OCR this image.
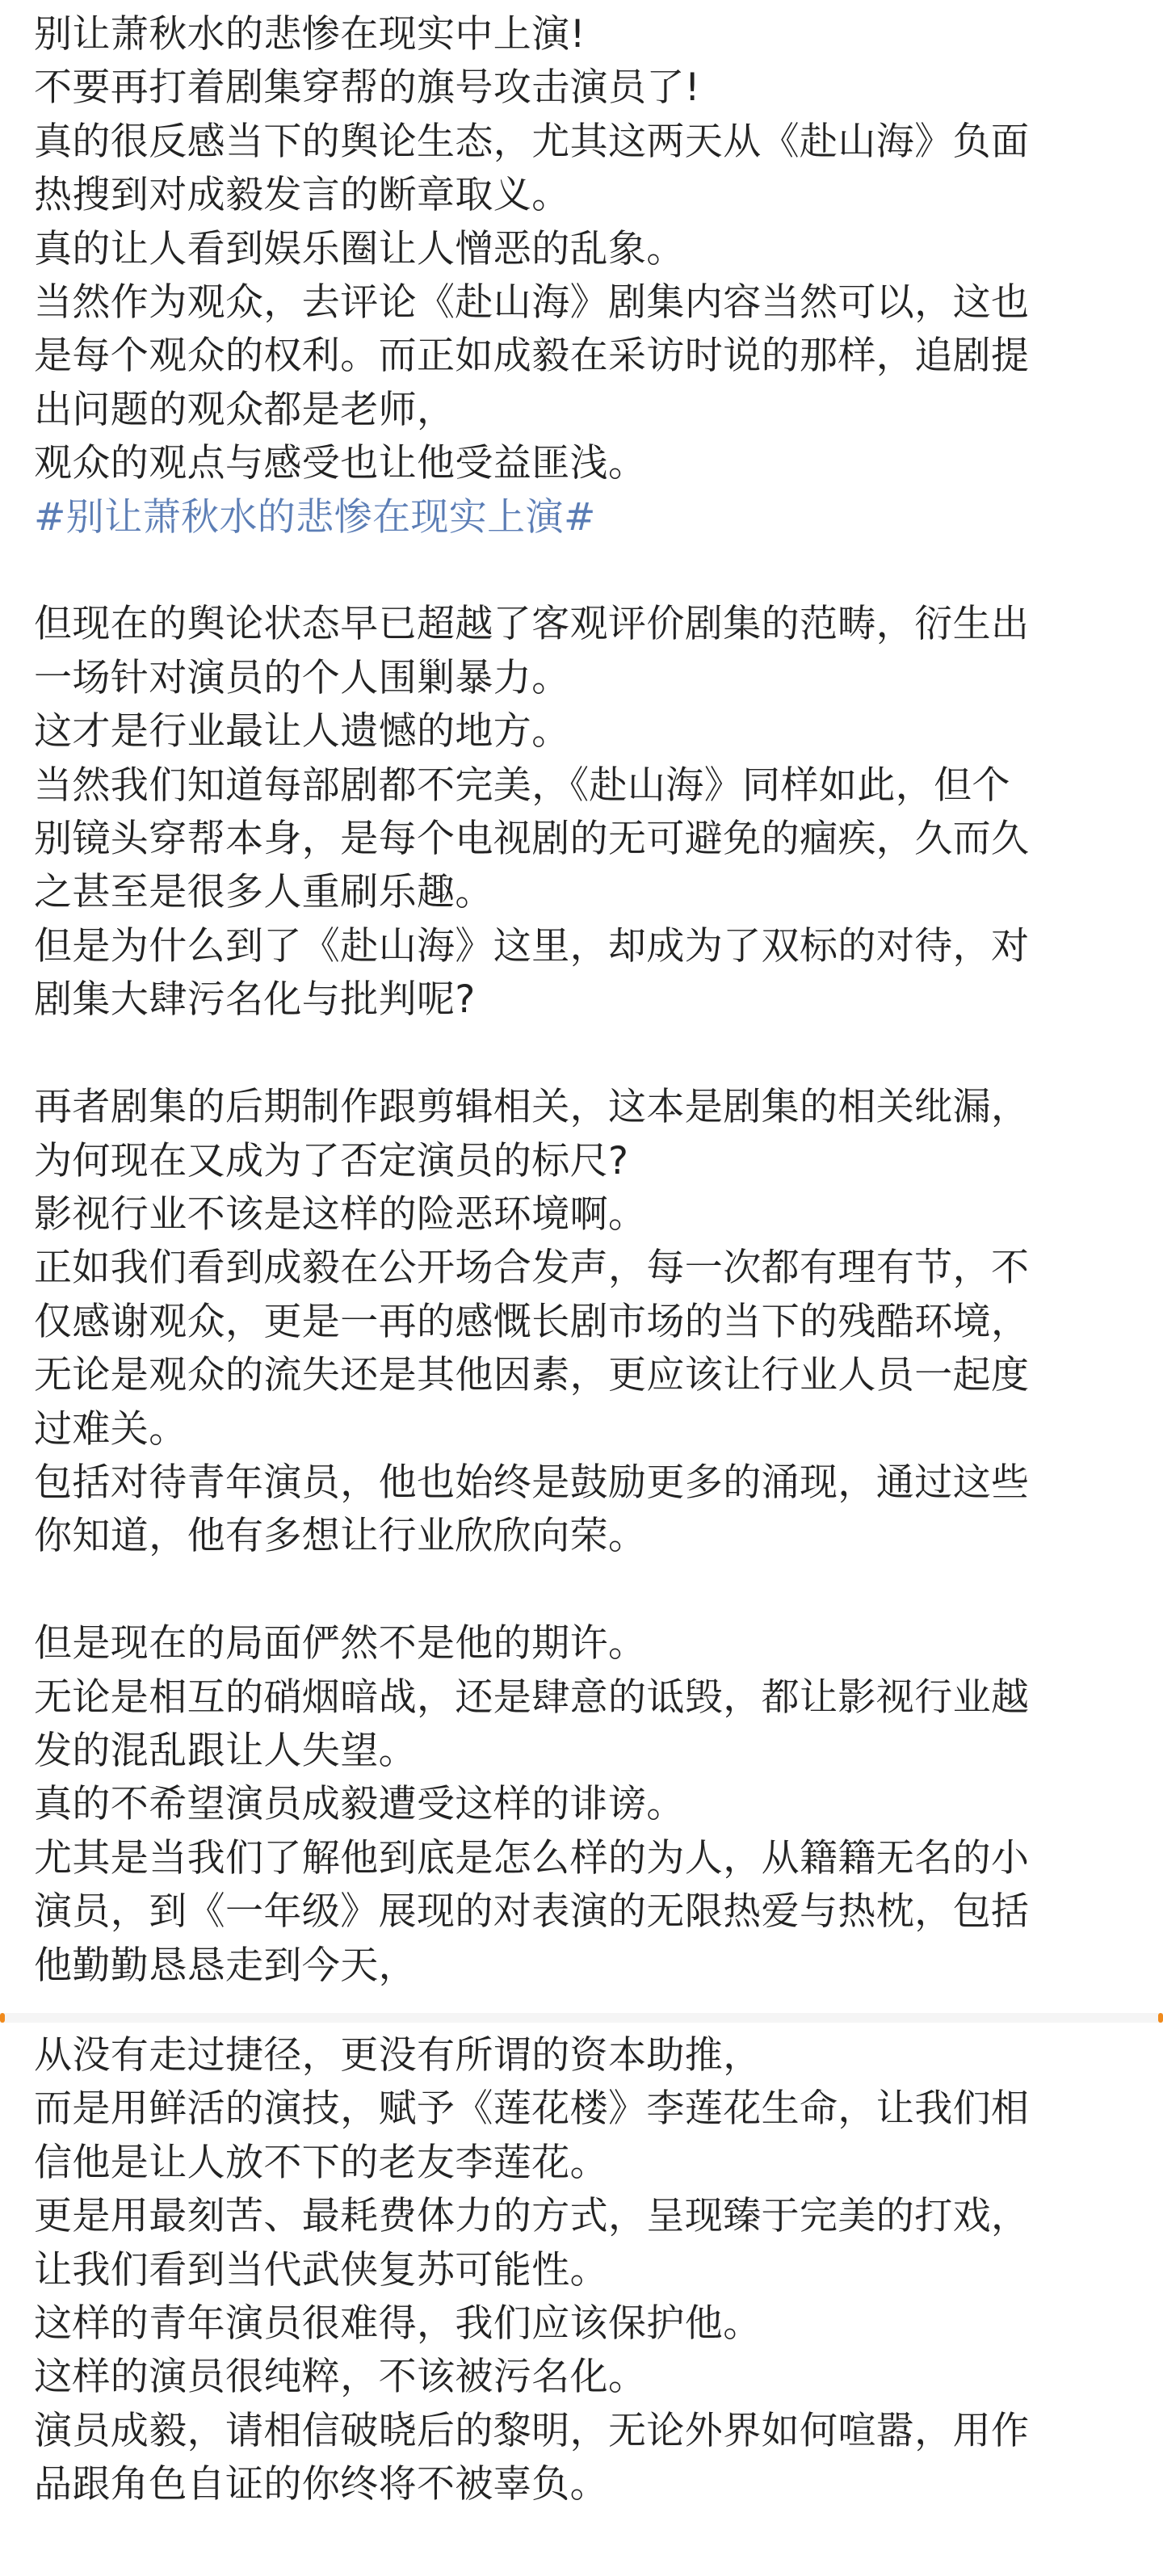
别让萧秋水的悲惨在现实中上演!
不要再打着剧集穿帮的旗号攻击演员了!
真的很反感当下的舆论生态，尤其这两天从《赴山海》负面
热搜到对成毅发言的断章取义。
真的让人看到娱乐圈让人憎恶的乱象。
当然作为观众，去评论《赴山海》剧集内容当然可以，这也
是每个观众的权利。而正如成毅在采访时说的那样，追剧提
出问题的观众都是老师，
观众的观点与感受也让他受益匪浅。
#别让萧秋水的悲惨在现实上演#
但现在的舆论状态早已超越了客观评价剧集的范畴，衍生出
一场针对演员的个人围剿暴力。
这才是行业最让人遗憾的地方。
当然我们知道每部剧都不完美，《赴山海》同样如此，但个
别镜头穿帮本身，是每个电视剧的无可避免的痼疾，久而久
之甚至是很多人重刷乐趣。
但是为什么到了《赴山海》这里，却成为了双标的对待，对
剧集大肆污名化与批判呢?
再者剧集的后期制作跟剪辑相关，这本是剧集的相关纰漏，
为何现在又成为了否定演员的标尺?
影视行业不该是这样的险恶环境啊。
正如我们看到成毅在公开场合发声，每一次都有理有节，不
仅感谢观众，更是一再的感慨长剧市场的当下的残酷环境，
无论是观众的流失还是其他因素，更应该让行业人员一起度
过难关。
包括对待青年演员，他也始终是鼓励更多的涌现，通过这些
你知道，他有多想让行业欣欣向荣。
但是现在的局面俨然不是他的期许。
无论是相互的硝烟暗战，还是肆意的诋毁，都让影视行业越
发的混乱跟让人失望。
真的不希望演员成毅遭受这样的诽谤。
尤其是当我们了解他到底是怎么样的为人，从籍籍无名的小
演员，到《一年级》展现的对表演的无限热爱与热枕，包括
他勤勤恳恳走到今天，
从没有走过捷径，更没有所谓的资本助推，
而是用鲜活的演技，赋予《莲花楼》李莲花生命，让我们相
信他是让人放不下的老友李莲花。
更是用最刻苦、最耗费体力的方式，呈现臻于完美的打戏，
让我们看到当代武侠复苏可能性。
这样的青年演员很难得，我们应该保护他。
这样的演员很纯粹，不该被污名化。
演员成毅，请相信破晓后的黎明，无论外界如何喧嚣，用作
品跟角色自证的你终将不被辜负。
